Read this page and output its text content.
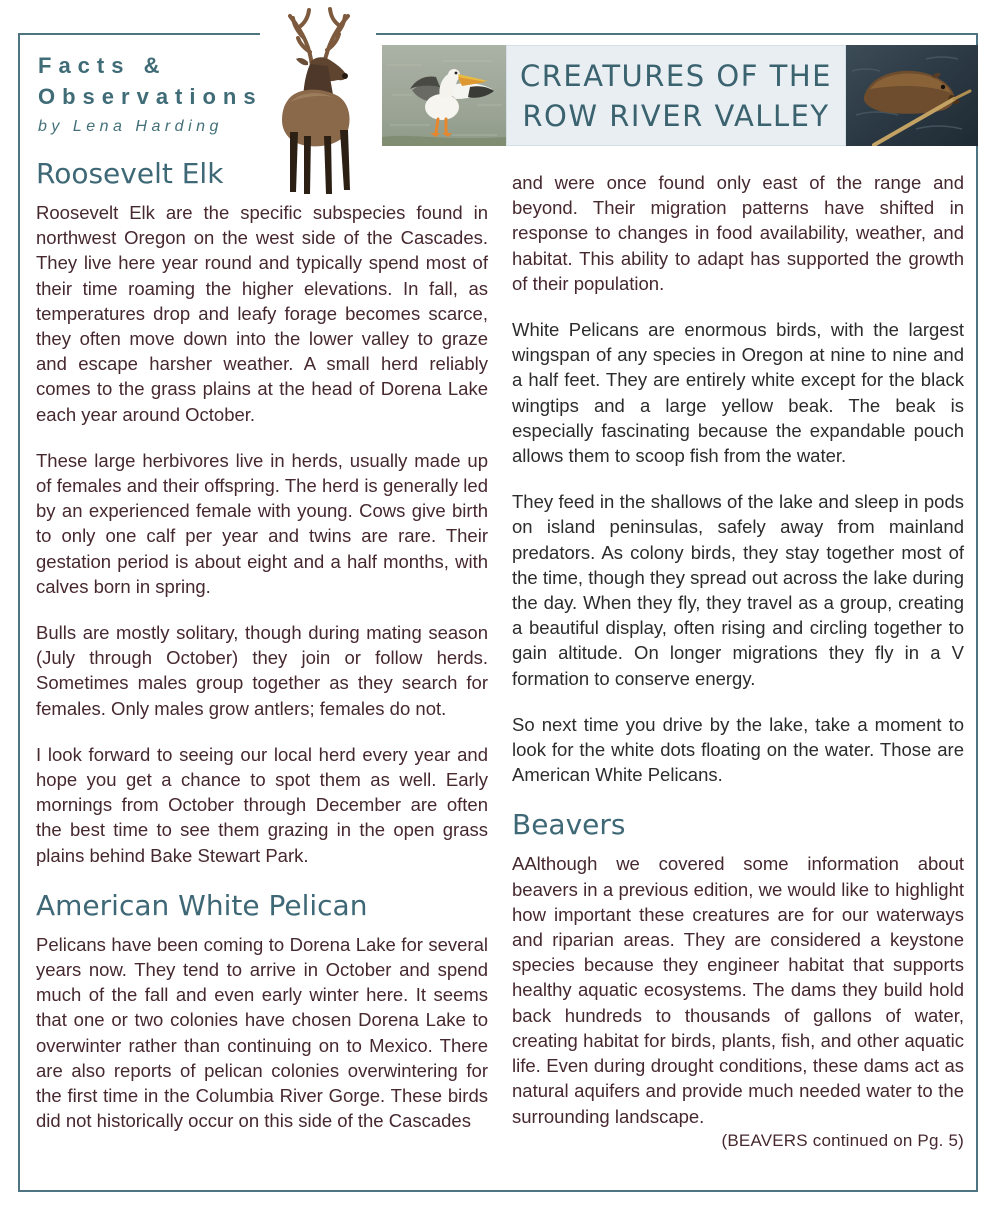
Facts &
Observations
by Lena Harding
CREATURES OF THE
ROW RIVER VALLEY
Roosevelt Elk

Roosevelt Elk are the specific subspecies found in northwest Oregon on the west side of the Cascades. They live here year round and typically spend most of their time roaming the higher elevations. In fall, as temperatures drop and leafy forage becomes scarce, they often move down into the lower valley to graze and escape harsher weather. A small herd reliably comes to the grass plains at the head of Dorena Lake each year around October.

These large herbivores live in herds, usually made up of females and their offspring. The herd is generally led by an experienced female with young. Cows give birth to only one calf per year and twins are rare. Their gestation period is about eight and a half months, with calves born in spring.

Bulls are mostly solitary, though during mating season (July through October) they join or follow herds. Sometimes males group together as they search for females. Only males grow antlers; females do not.

I look forward to seeing our local herd every year and hope you get a chance to spot them as well. Early mornings from October through December are often the best time to see them grazing in the open grass plains behind Bake Stewart Park.

American White Pelican

Pelicans have been coming to Dorena Lake for several years now. They tend to arrive in October and spend much of the fall and even early winter here. It seems that one or two colonies have chosen Dorena Lake to overwinter rather than continuing on to Mexico. There are also reports of pelican colonies overwintering for the first time in the Columbia River Gorge. These birds did not historically occur on this side of the Cascades

and were once found only east of the range and beyond. Their migration patterns have shifted in response to changes in food availability, weather, and habitat. This ability to adapt has supported the growth of their population.

White Pelicans are enormous birds, with the largest wingspan of any species in Oregon at nine to nine and a half feet. They are entirely white except for the black wingtips and a large yellow beak. The beak is especially fascinating because the expandable pouch allows them to scoop fish from the water.

They feed in the shallows of the lake and sleep in pods on island peninsulas, safely away from mainland predators. As colony birds, they stay together most of the time, though they spread out across the lake during the day. When they fly, they travel as a group, creating a beautiful display, often rising and circling together to gain altitude. On longer migrations they fly in a V formation to conserve energy.

So next time you drive by the lake, take a moment to look for the white dots floating on the water. Those are American White Pelicans.

Beavers

AAlthough we covered some information about beavers in a previous edition, we would like to highlight how important these creatures are for our waterways and riparian areas. They are considered a keystone species because they engineer habitat that supports healthy aquatic ecosystems. The dams they build hold back hundreds to thousands of gallons of water, creating habitat for birds, plants, fish, and other aquatic life. Even during drought conditions, these dams act as natural aquifers and provide much needed water to the surrounding landscape.

(BEAVERS continued on Pg. 5)
